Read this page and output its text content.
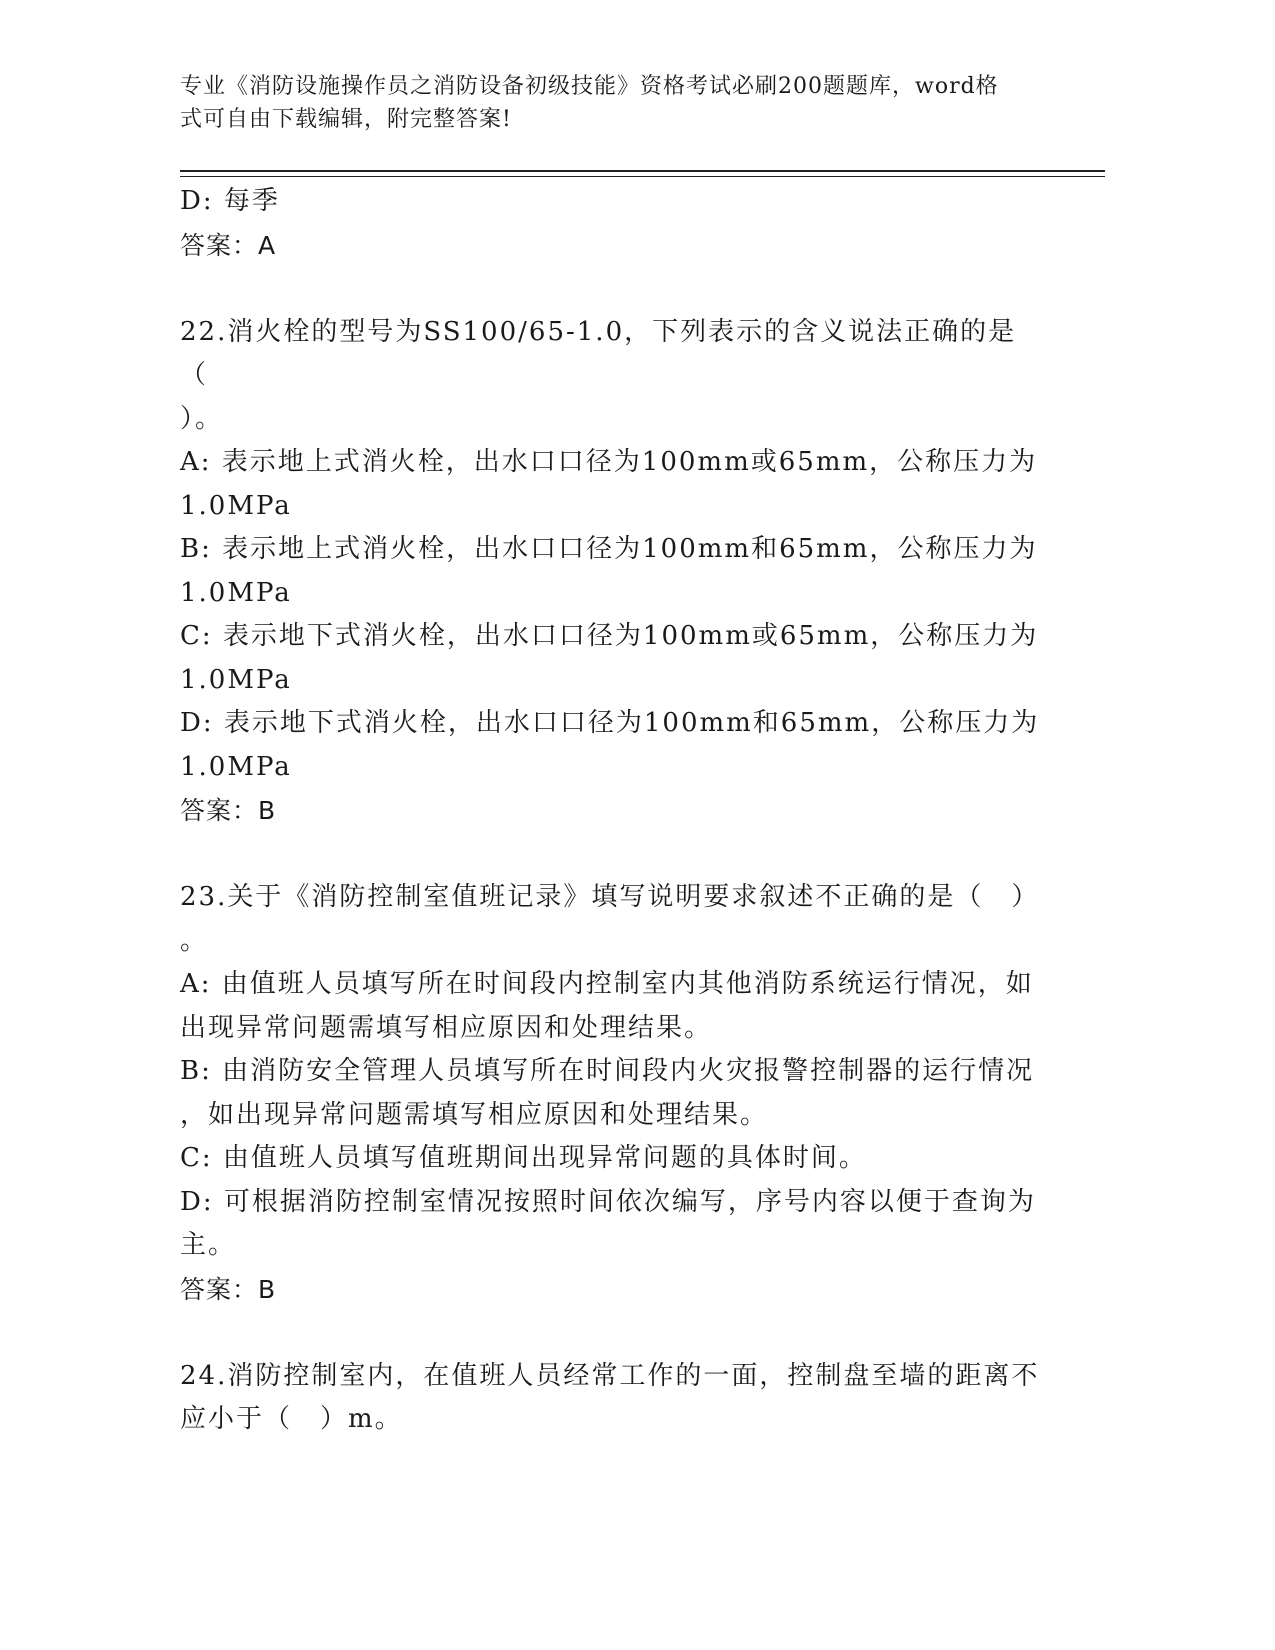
专业《消防设施操作员之消防设备初级技能》资格考试必刷200题题库，word格

式可自由下载编辑，附完整答案!

D: 每季

答案：A

22.消火栓的型号为SS100/65-1.0，下列表示的含义说法正确的是（

）。

A: 表示地上式消火栓，出水口口径为100mm或65mm，公称压力为

1.0MPa

B: 表示地上式消火栓，出水口口径为100mm和65mm，公称压力为

1.0MPa

C: 表示地下式消火栓，出水口口径为100mm或65mm，公称压力为

1.0MPa

D: 表示地下式消火栓，出水口口径为100mm和65mm，公称压力为

1.0MPa

答案：B

23.关于《消防控制室值班记录》填写说明要求叙述不正确的是（　）

。

A: 由值班人员填写所在时间段内控制室内其他消防系统运行情况，如

出现异常问题需填写相应原因和处理结果。

B: 由消防安全管理人员填写所在时间段内火灾报警控制器的运行情况

，如出现异常问题需填写相应原因和处理结果。

C: 由值班人员填写值班期间出现异常问题的具体时间。

D: 可根据消防控制室情况按照时间依次编写，序号内容以便于查询为

主。

答案：B

24.消防控制室内，在值班人员经常工作的一面，控制盘至墙的距离不

应小于（　）m。
